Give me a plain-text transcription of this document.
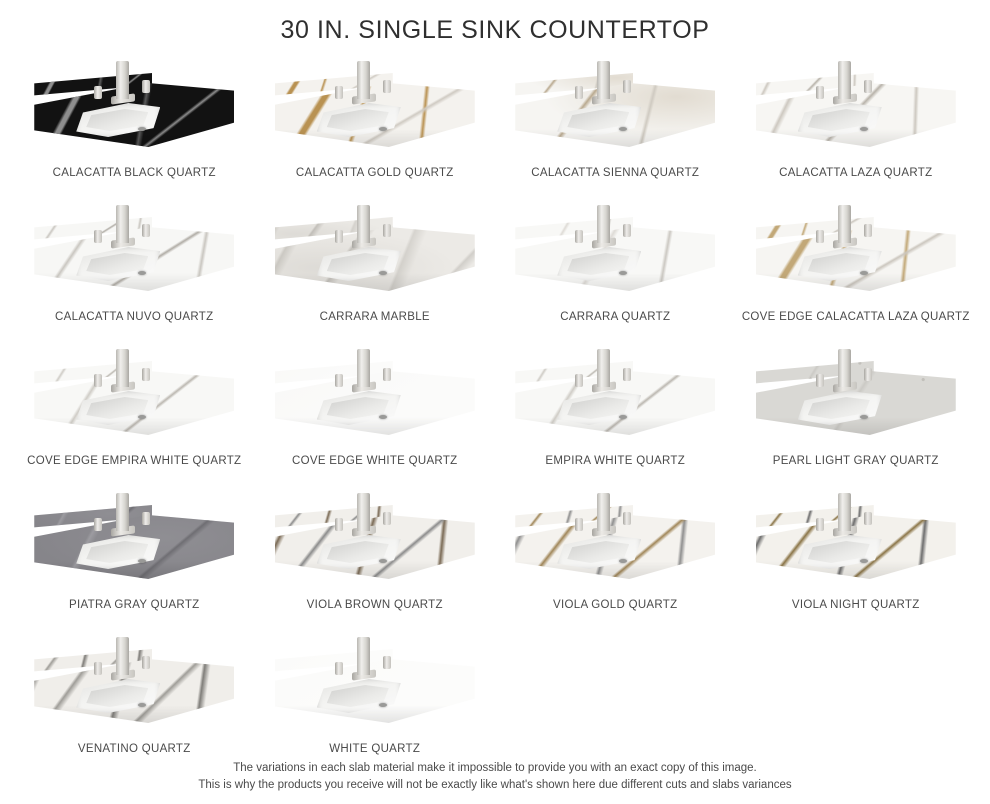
30 IN. SINGLE SINK COUNTERTOP
CALACATTA BLACK QUARTZ	CALACATTA GOLD QUARTZ	CALACATTA SIENNA QUARTZ	CALACATTA LAZA QUARTZ
CALACATTA NUVO QUARTZ	CARRARA MARBLE	CARRARA QUARTZ	COVE EDGE CALACATTA LAZA QUARTZ
COVE EDGE EMPIRA WHITE QUARTZ	COVE EDGE WHITE QUARTZ	EMPIRA WHITE QUARTZ	PEARL LIGHT GRAY QUARTZ
PIATRA GRAY QUARTZ	VIOLA BROWN QUARTZ	VIOLA GOLD QUARTZ	VIOLA NIGHT QUARTZ
VENATINO QUARTZ	WHITE QUARTZ
The variations in each slab material make it impossible to provide you with an exact copy of this image.
This is why the products you receive will not be exactly like what's shown here due different cuts and slabs variances
